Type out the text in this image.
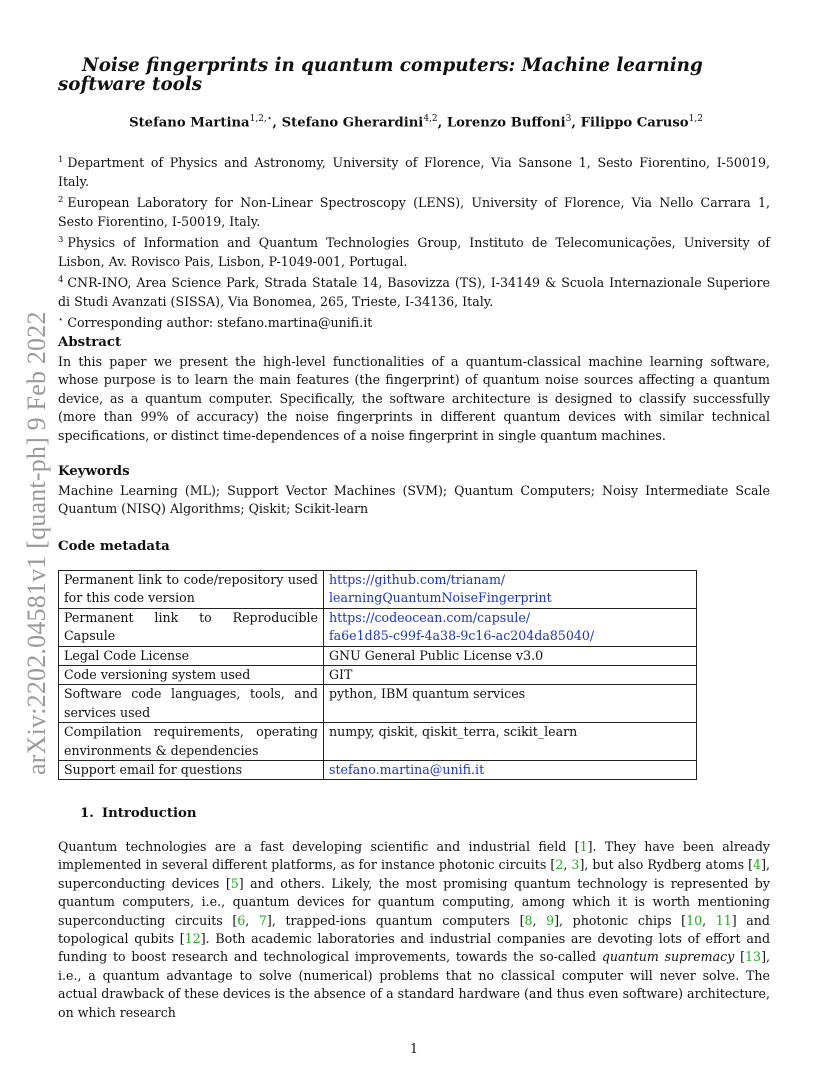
arXiv:2202.04581v1 [quant-ph] 9 Feb 2022
Noise fingerprints in quantum computers: Machine learning software tools
Stefano Martina$^{1,2,⋆}$, Stefano Gherardini$^{4,2}$, Lorenzo Buffoni$^3$, Filippo Caruso$^{1,2}$

$^1$ Department of Physics and Astronomy, University of Florence, Via Sansone 1, Sesto Fiorentino, I-50019, Italy.

$^2$ European Laboratory for Non-Linear Spectroscopy (LENS), University of Florence, Via Nello Carrara 1, Sesto Fiorentino, I-50019, Italy.

$^3$ Physics of Information and Quantum Technologies Group, Instituto de Telecomunicações, University of Lisbon, Av. Rovisco Pais, Lisbon, P-1049-001, Portugal.

$^4$ CNR-INO, Area Science Park, Strada Statale 14, Basovizza (TS), I-34149 & Scuola Internazionale Superiore di Studi Avanzati (SISSA), Via Bonomea, 265, Trieste, I-34136, Italy.

⋆ Corresponding author: stefano.martina@unifi.it

Abstract
In this paper we present the high-level functionalities of a quantum-classical machine learning software, whose purpose is to learn the main features (the fingerprint) of quantum noise sources affecting a quantum device, as a quantum computer. Specifically, the software architecture is designed to classify successfully (more than 99% of accuracy) the noise fingerprints in different quantum devices with similar technical specifications, or distinct time-dependences of a noise fingerprint in single quantum machines.
Keywords
Machine Learning (ML); Support Vector Machines (SVM); Quantum Computers; Noisy Intermediate Scale Quantum (NISQ) Algorithms; Qiskit; Scikit-learn
Code metadata
Permanent link to code/repository used for this code version	https://github.com/trianam/
learningQuantumNoiseFingerprint
Permanent link to Reproducible Capsule	https://codeocean.com/capsule/
fa6e1d85-c99f-4a38-9c16-ac204da85040/
Legal Code License	GNU General Public License v3.0
Code versioning system used	GIT
Software code languages, tools, and services used	python, IBM quantum services
Compilation requirements, operating environments & dependencies	numpy, qiskit, qiskit_terra, scikit_learn
Support email for questions	stefano.martina@unifi.it
1. Introduction
Quantum technologies are a fast developing scientific and industrial field [1]. They have been already implemented in several different platforms, as for instance photonic circuits [2, 3], but also Rydberg atoms [4], superconducting devices [5] and others. Likely, the most promising quantum technology is represented by quantum computers, i.e., quantum devices for quantum computing, among which it is worth mentioning superconducting circuits [6, 7], trapped-ions quantum computers [8, 9], photonic chips [10, 11] and topological qubits [12]. Both academic laboratories and industrial companies are devoting lots of effort and funding to boost research and technological improvements, towards the so-called quantum supremacy [13], i.e., a quantum advantage to solve (numerical) problems that no classical computer will never solve. The actual drawback of these devices is the absence of a standard hardware (and thus even software) architecture, on which research
1
